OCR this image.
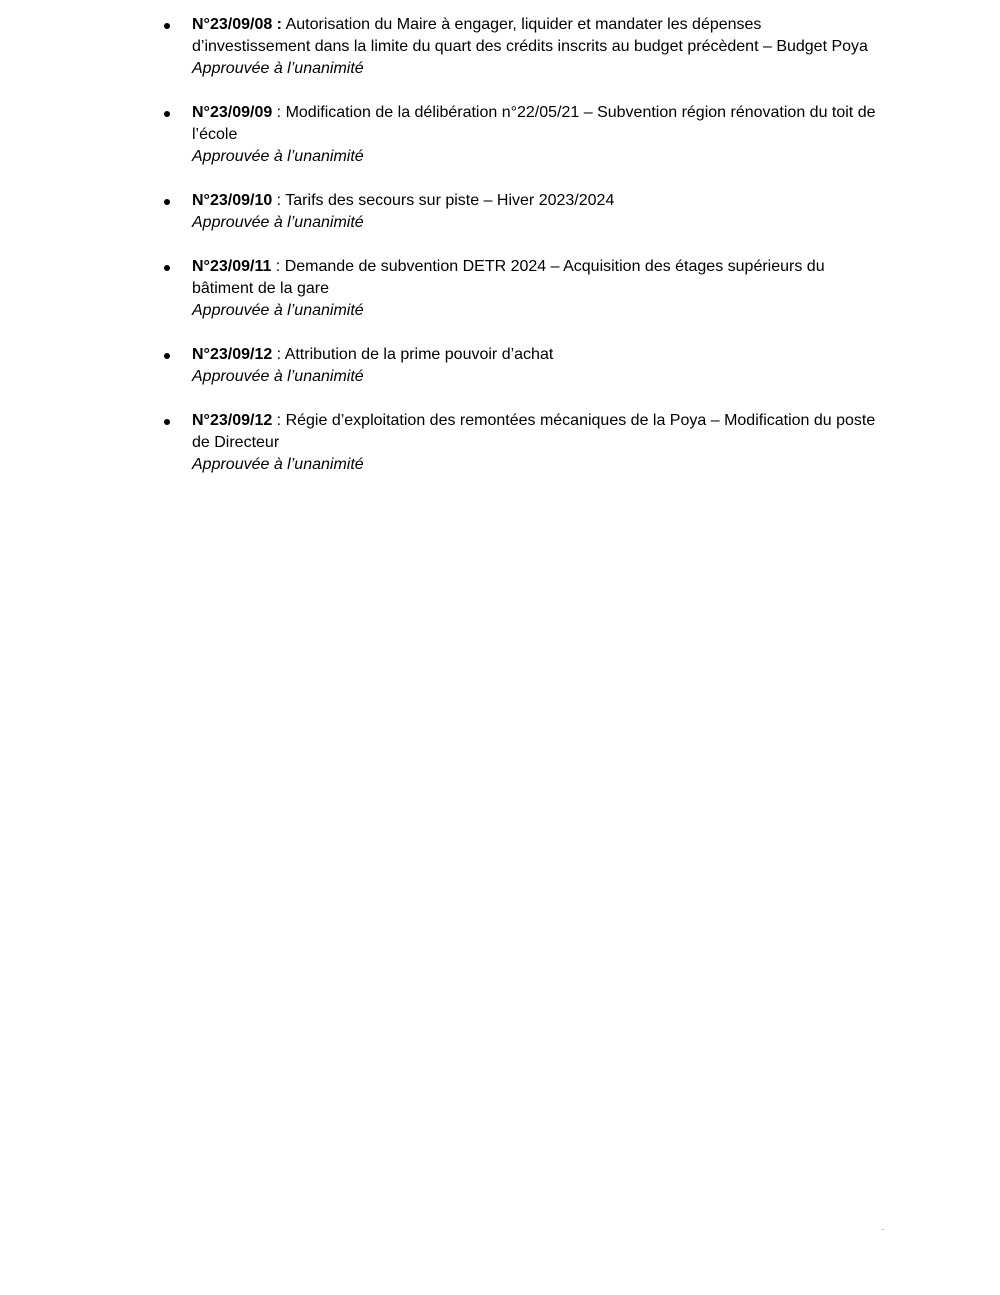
N°23/09/08 : Autorisation du Maire à engager, liquider et mandater les dépenses d’investissement dans la limite du quart des crédits inscrits au budget précèdent – Budget Poya
Approuvée à l’unanimité
N°23/09/09 : Modification de la délibération n°22/05/21 – Subvention région rénovation du toit de l’école
Approuvée à l’unanimité
N°23/09/10 : Tarifs des secours sur piste – Hiver 2023/2024
Approuvée à l’unanimité
N°23/09/11 : Demande de subvention DETR 2024 – Acquisition des étages supérieurs du bâtiment de la gare
Approuvée à l’unanimité
N°23/09/12 : Attribution de la prime pouvoir d’achat
Approuvée à l’unanimité
N°23/09/12 : Régie d’exploitation des remontées mécaniques de la Poya – Modification du poste de Directeur
Approuvée à l’unanimité
